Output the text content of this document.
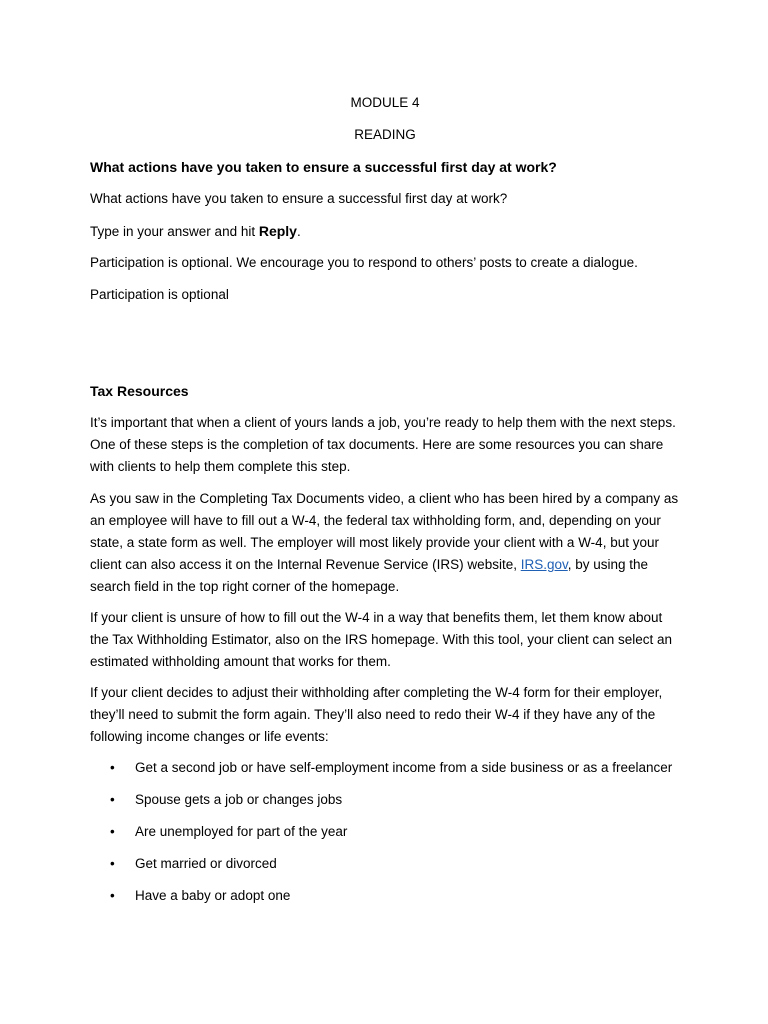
MODULE 4

READING

What actions have you taken to ensure a successful first day at work?

What actions have you taken to ensure a successful first day at work?

Type in your answer and hit Reply.

Participation is optional. We encourage you to respond to others’ posts to create a dialogue.

Participation is optional

Tax Resources

It’s important that when a client of yours lands a job, you’re ready to help them with the next steps. One of these steps is the completion of tax documents. Here are some resources you can share with clients to help them complete this step.

As you saw in the Completing Tax Documents video, a client who has been hired by a company as an employee will have to fill out a W-4, the federal tax withholding form, and, depending on your state, a state form as well. The employer will most likely provide your client with a W-4, but your client can also access it on the Internal Revenue Service (IRS) website, IRS.gov, by using the search field in the top right corner of the homepage.

If your client is unsure of how to fill out the W-4 in a way that benefits them, let them know about the Tax Withholding Estimator, also on the IRS homepage. With this tool, your client can select an estimated withholding amount that works for them.

If your client decides to adjust their withholding after completing the W-4 form for their employer, they’ll need to submit the form again. They’ll also need to redo their W-4 if they have any of the following income changes or life events:

• Get a second job or have self-employment income from a side business or as a freelancer
• Spouse gets a job or changes jobs
• Are unemployed for part of the year
• Get married or divorced
• Have a baby or adopt one
